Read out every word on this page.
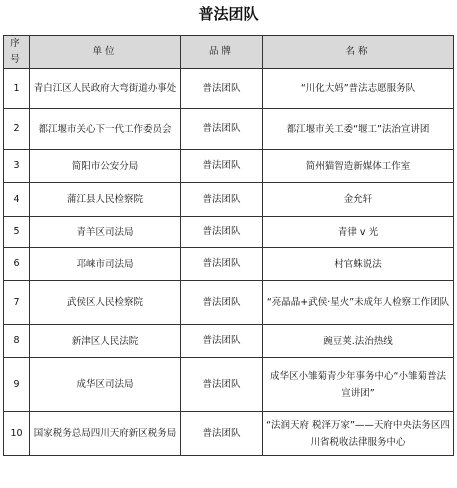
普法团队
序号	单位	品牌	名称
1	青白江区人民政府大弯街道办事处	普法团队	“川化大妈”普法志愿服务队
2	都江堰市关心下一代工作委员会	普法团队	都江堰市关工委“堰工”法治宣讲团
3	简阳市公安分局	普法团队	简州猫智造新媒体工作室
4	蒲江县人民检察院	普法团队	金允轩
5	青羊区司法局	普法团队	青律 v 光
6	邛崃市司法局	普法团队	村官蛛说法
7	武侯区人民检察院	普法团队	“亮晶晶+武侯·星火”未成年人检察工作团队
8	新津区人民法院	普法团队	豌豆荚.法治热线
9	成华区司法局	普法团队	成华区小雏菊青少年事务中心“小雏菊普法宣讲团”
10	国家税务总局四川天府新区税务局	普法团队	“法润天府 税泽万家”——天府中央法务区四川省税收法律服务中心
